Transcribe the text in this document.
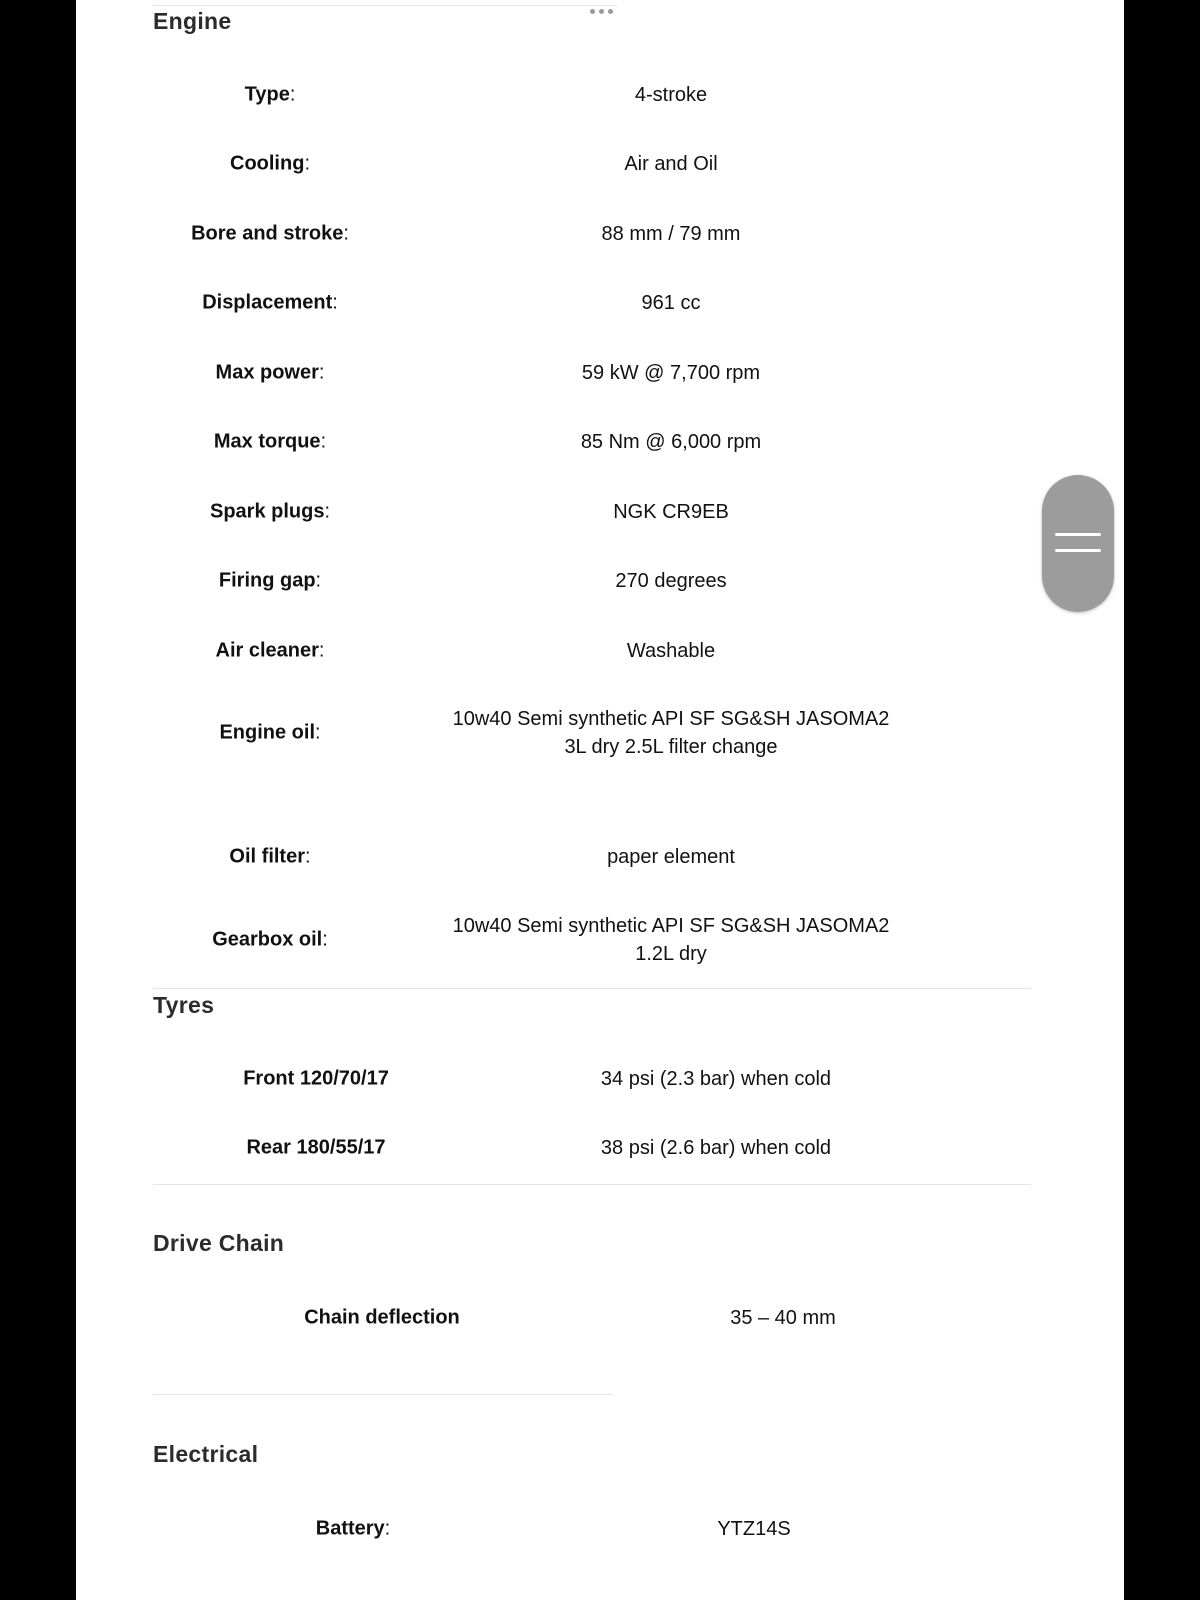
Engine
Type:	4-stroke
Cooling:	Air and Oil
Bore and stroke:	88 mm / 79 mm
Displacement:	961 cc
Max power:	59 kW @ 7,700 rpm
Max torque:	85 Nm @ 6,000 rpm
Spark plugs:	NGK CR9EB
Firing gap:	270 degrees
Air cleaner:	Washable
Engine oil:
10w40 Semi synthetic API SF SG&SH JASOMA2
3L dry 2.5L filter change
Oil filter:	paper element
Gearbox oil:
10w40 Semi synthetic API SF SG&SH JASOMA2
1.2L dry
Tyres
Front 120/70/17	34 psi (2.3 bar) when cold
Rear 180/55/17	38 psi (2.6 bar) when cold
Drive Chain
Chain deflection	35 – 40 mm
Electrical
Battery:	YTZ14S
